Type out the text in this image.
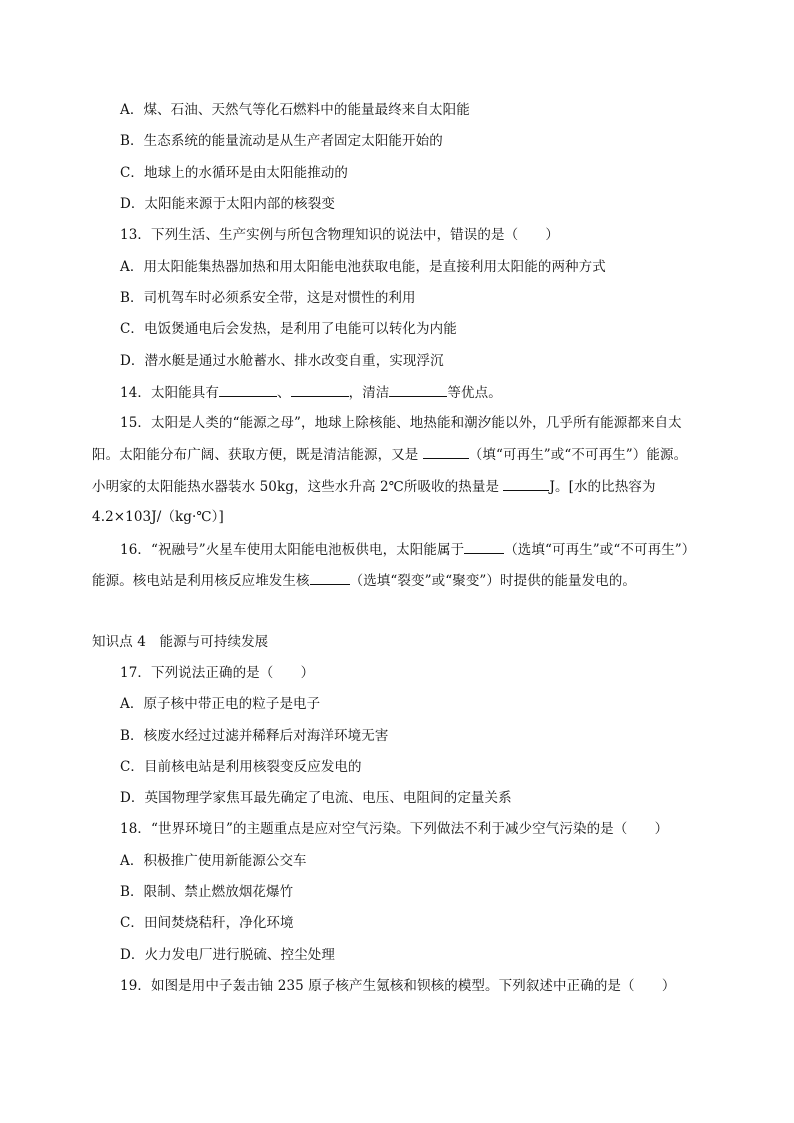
A．煤、石油、天然气等化石燃料中的能量最终来自太阳能
B．生态系统的能量流动是从生产者固定太阳能开始的
C．地球上的水循环是由太阳能推动的
D．太阳能来源于太阳内部的核裂变
13．下列生活、生产实例与所包含物理知识的说法中，错误的是（　　）
A．用太阳能集热器加热和用太阳能电池获取电能，是直接利用太阳能的两种方式
B．司机驾车时必须系安全带，这是对惯性的利用
C．电饭煲通电后会发热，是利用了电能可以转化为内能
D．潜水艇是通过水舱蓄水、排水改变自重，实现浮沉
14．太阳能具有	、	，清洁	等优点。
15．太阳是人类的“能源之母”，地球上除核能、地热能和潮汐能以外，几乎所有能源都来自太
阳。太阳能分布广阔、获取方便，既是清洁能源，又是	（填“可再生”或“不可再生”）能源。
小明家的太阳能热水器装水 50kg，这些水升高 2℃所吸收的热量是	J。[水的比热容为
4.2×103J/（kg·℃）]
16．“祝融号”火星车使用太阳能电池板供电，太阳能属于	（选填“可再生”或“不可再生”）
能源。核电站是利用核反应堆发生核	（选填“裂变”或“聚变”）时提供的能量发电的。
知识点 4　能源与可持续发展
17．下列说法正确的是（　　）
A．原子核中带正电的粒子是电子
B．核废水经过过滤并稀释后对海洋环境无害
C．目前核电站是利用核裂变反应发电的
D．英国物理学家焦耳最先确定了电流、电压、电阻间的定量关系
18．“世界环境日”的主题重点是应对空气污染。下列做法不利于减少空气污染的是（　　）
A．积极推广使用新能源公交车
B．限制、禁止燃放烟花爆竹
C．田间焚烧秸秆，净化环境
D．火力发电厂进行脱硫、控尘处理
19．如图是用中子轰击铀 235 原子核产生氪核和钡核的模型。下列叙述中正确的是（　　）
